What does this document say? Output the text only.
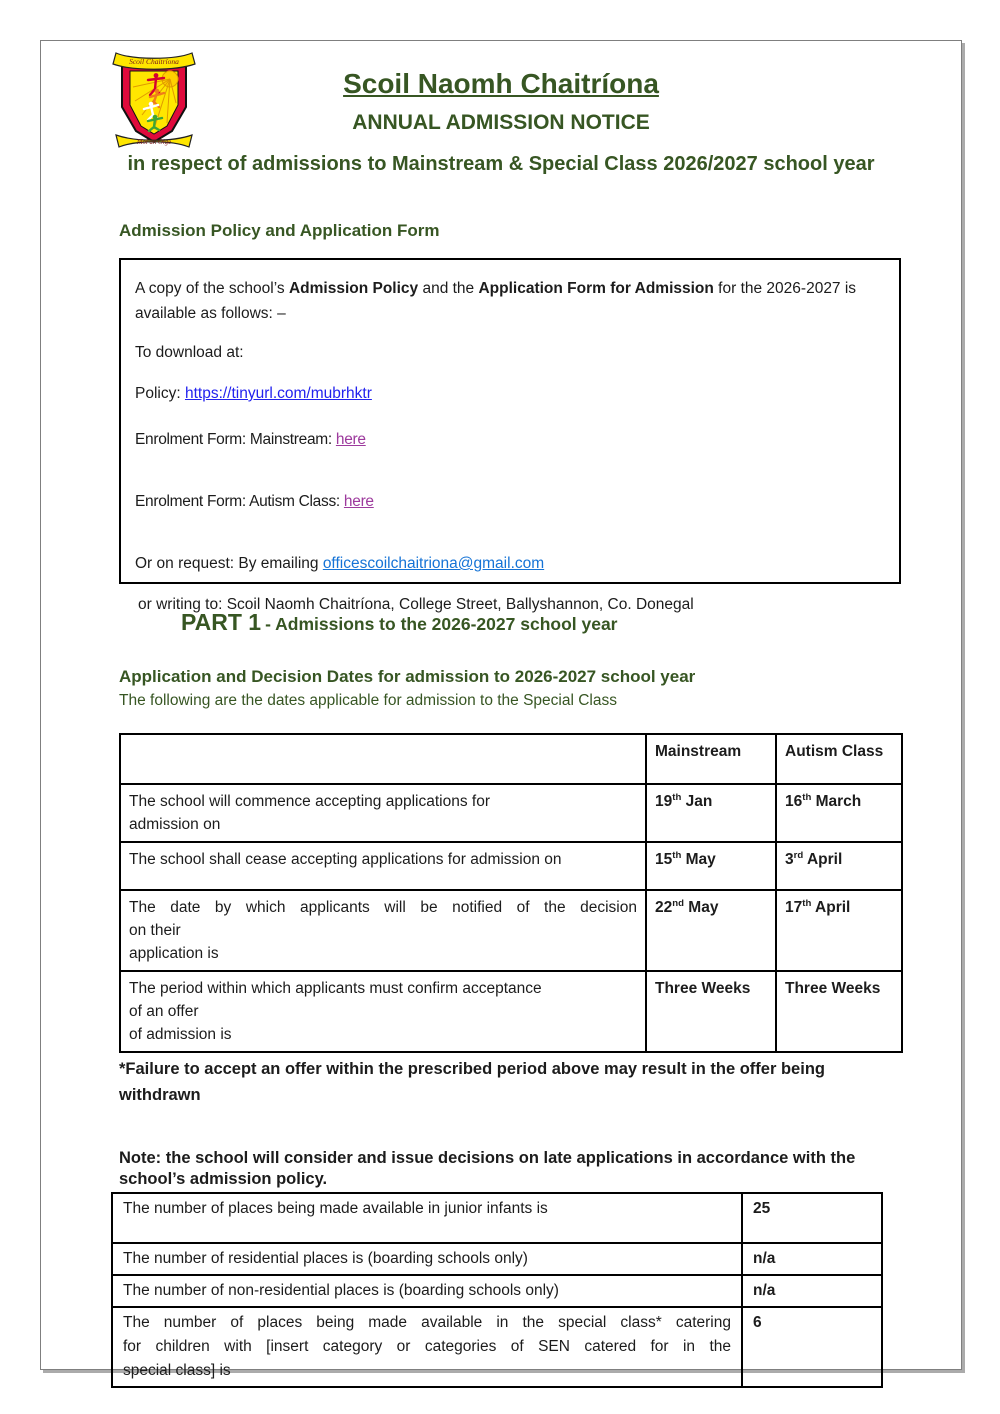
Scoil Chaitríona
Mol an Óige
Scoil Naomh Chaitríona
ANNUAL ADMISSION NOTICE
in respect of admissions to Mainstream & Special Class 2026/2027 school year
Admission Policy and Application Form
A copy of the school’s Admission Policy and the Application Form for Admission for the 2026-2027 is available as follows: –
To download at:
Policy: https://tinyurl.com/mubrhktr
Enrolment Form: Mainstream: here
Enrolment Form: Autism Class: here
Or on request: By emailing officescoilchaitriona@gmail.com
or writing to: Scoil Naomh Chaitríona, College Street, Ballyshannon, Co. Donegal
PART 1 - Admissions to the 2026-2027 school year
Application and Decision Dates for admission to 2026-2027 school year
The following are the dates applicable for admission to the Special Class
	Mainstream	Autism Class

The school will commence accepting applications for
admission on	19th Jan	16th March

The school shall cease accepting applications for admission on	15th May	3rd April

The date by which applicants will be notified of the decision
on their
application is	22nd May	17th April

The period within which applicants must confirm acceptance
of an offer
of admission is	Three Weeks	Three Weeks
*Failure to accept an offer within the prescribed period above may result in the offer being withdrawn
Note: the school will consider and issue decisions on late applications in accordance with the school’s admission policy.
The number of places being made available in junior infants is	25

The number of residential places is (boarding schools only)	n/a

The number of non-residential places is (boarding schools only)	n/a

The number of places being made available in the special class* catering
for children with [insert category or categories of SEN catered for in the
special class] is	6
